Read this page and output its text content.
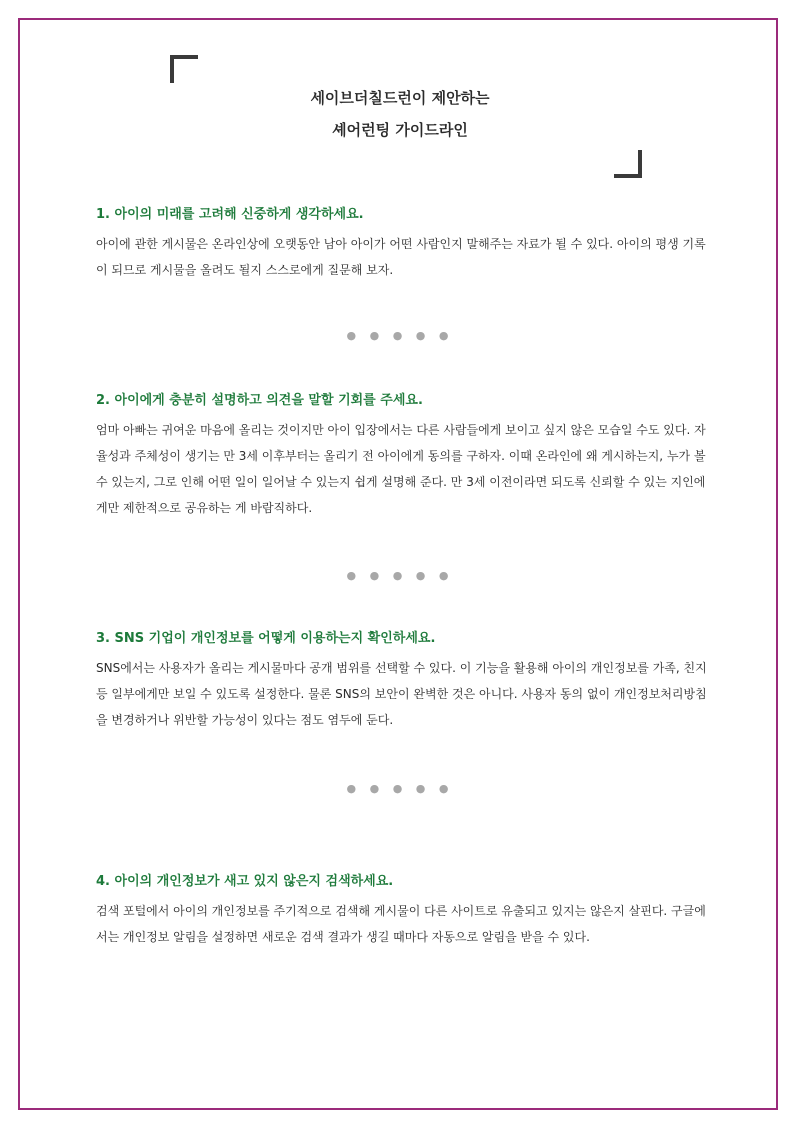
세이브더칠드런이 제안하는
셰어런팅 가이드라인

1. 아이의 미래를 고려해 신중하게 생각하세요.

아이에 관한 게시물은 온라인상에 오랫동안 남아 아이가 어떤 사람인지 말해주는 자료가 될 수 있다. 아이의 평생 기록이 되므로 게시물을 올려도 될지 스스로에게 질문해 보자.

● ● ● ● ●

2. 아이에게 충분히 설명하고 의견을 말할 기회를 주세요.

엄마 아빠는 귀여운 마음에 올리는 것이지만 아이 입장에서는 다른 사람들에게 보이고 싶지 않은 모습일 수도 있다. 자율성과 주체성이 생기는 만 3세 이후부터는 올리기 전 아이에게 동의를 구하자. 이때 온라인에 왜 게시하는지, 누가 볼 수 있는지, 그로 인해 어떤 일이 일어날 수 있는지 쉽게 설명해 준다. 만 3세 이전이라면 되도록 신뢰할 수 있는 지인에게만 제한적으로 공유하는 게 바람직하다.

● ● ● ● ●

3. SNS 기업이 개인정보를 어떻게 이용하는지 확인하세요.

SNS에서는 사용자가 올리는 게시물마다 공개 범위를 선택할 수 있다. 이 기능을 활용해 아이의 개인정보를 가족, 친지 등 일부에게만 보일 수 있도록 설정한다. 물론 SNS의 보안이 완벽한 것은 아니다. 사용자 동의 없이 개인정보처리방침을 변경하거나 위반할 가능성이 있다는 점도 염두에 둔다.

● ● ● ● ●

4. 아이의 개인정보가 새고 있지 않은지 검색하세요.

검색 포털에서 아이의 개인정보를 주기적으로 검색해 게시물이 다른 사이트로 유출되고 있지는 않은지 살핀다. 구글에서는 개인정보 알림을 설정하면 새로운 검색 결과가 생길 때마다 자동으로 알림을 받을 수 있다.
